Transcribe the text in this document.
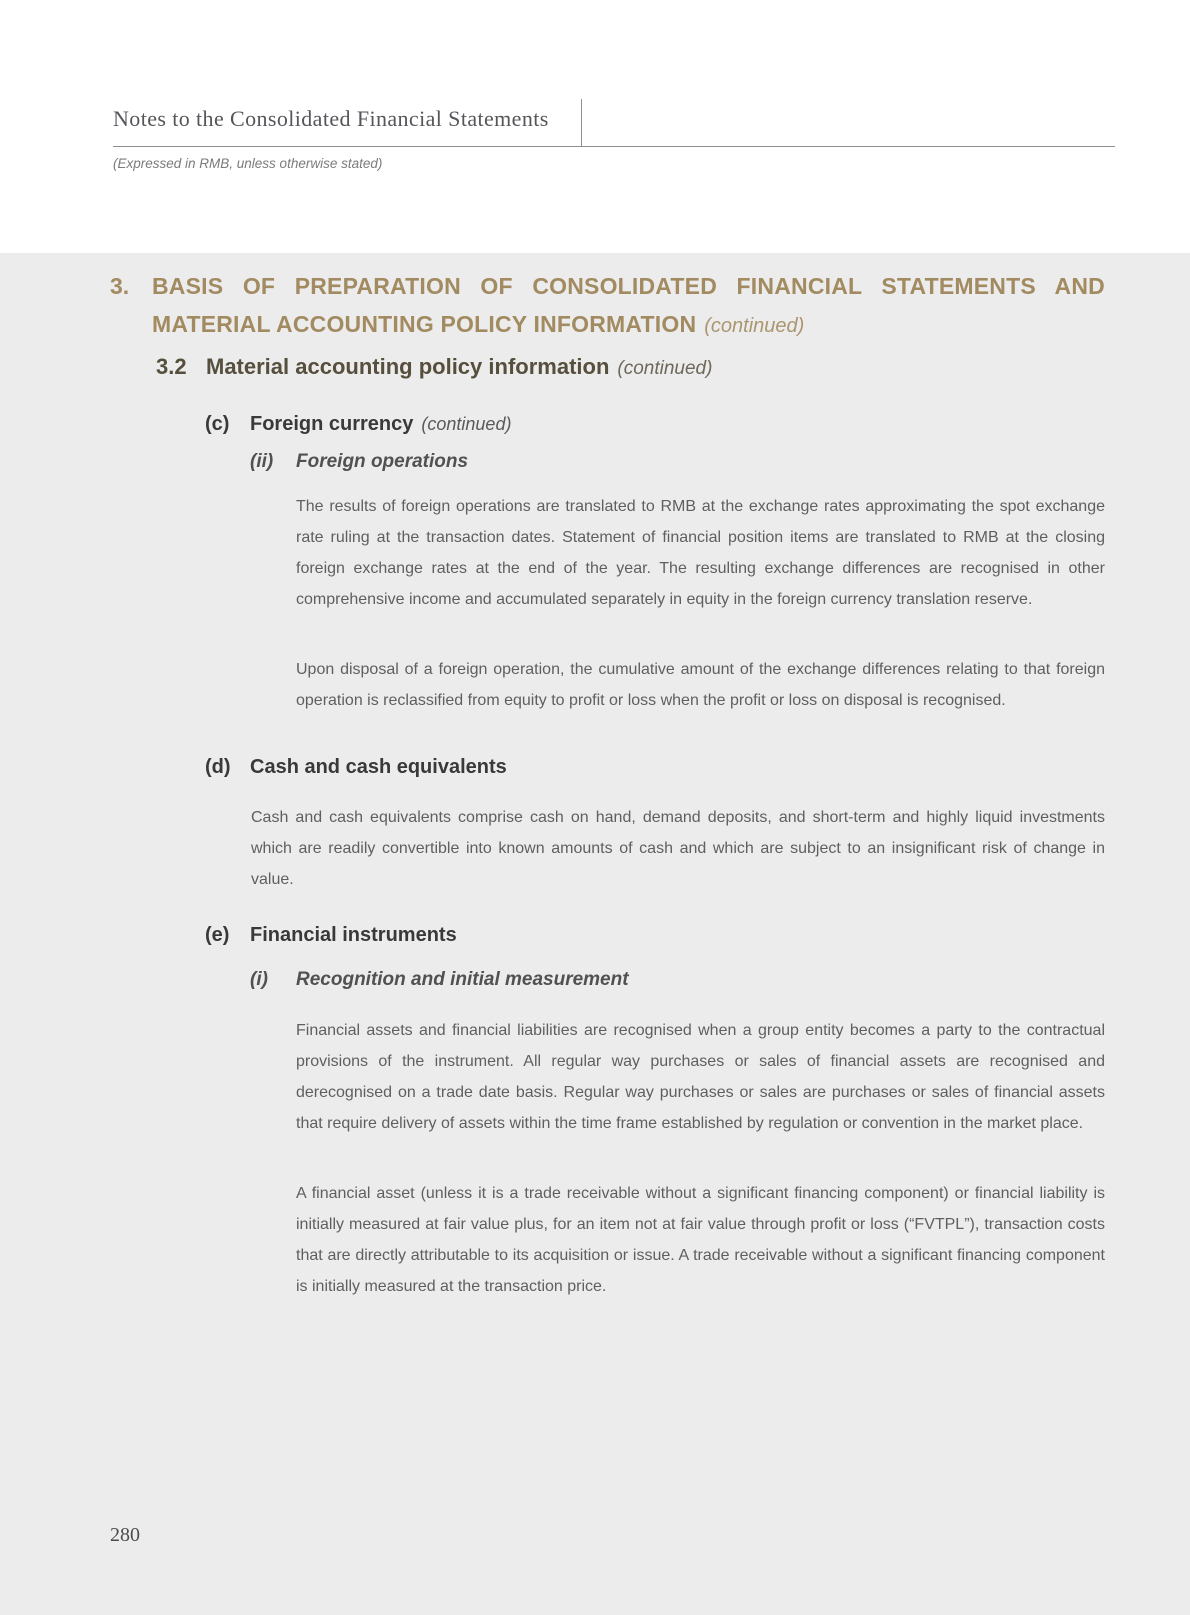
Notes to the Consolidated Financial Statements

(Expressed in RMB, unless otherwise stated)

3. BASIS OF PREPARATION OF CONSOLIDATED FINANCIAL STATEMENTS AND
MATERIAL ACCOUNTING POLICY INFORMATION (continued)
3.2 Material accounting policy information (continued)
(c)	Foreign currency (continued)
(ii)	Foreign operations

The results of foreign operations are translated to RMB at the exchange rates approximating the spot exchange rate ruling at the transaction dates. Statement of financial position items are translated to RMB at the closing foreign exchange rates at the end of the year. The resulting exchange differences are recognised in other comprehensive income and accumulated separately in equity in the foreign currency translation reserve.

Upon disposal of a foreign operation, the cumulative amount of the exchange differences relating to that foreign operation is reclassified from equity to profit or loss when the profit or loss on disposal is recognised.

(d) Cash and cash equivalents

Cash and cash equivalents comprise cash on hand, demand deposits, and short-term and highly liquid investments which are readily convertible into known amounts of cash and which are subject to an insignificant risk of change in value.

(e)	Financial instruments
(i)	Recognition and initial measurement

Financial assets and financial liabilities are recognised when a group entity becomes a party to the contractual provisions of the instrument. All regular way purchases or sales of financial assets are recognised and derecognised on a trade date basis. Regular way purchases or sales are purchases or sales of financial assets that require delivery of assets within the time frame established by regulation or convention in the market place.

A financial asset (unless it is a trade receivable without a significant financing component) or financial liability is initially measured at fair value plus, for an item not at fair value through profit or loss (“FVTPL”), transaction costs that are directly attributable to its acquisition or issue. A trade receivable without a significant financing component is initially measured at the transaction price.

280
